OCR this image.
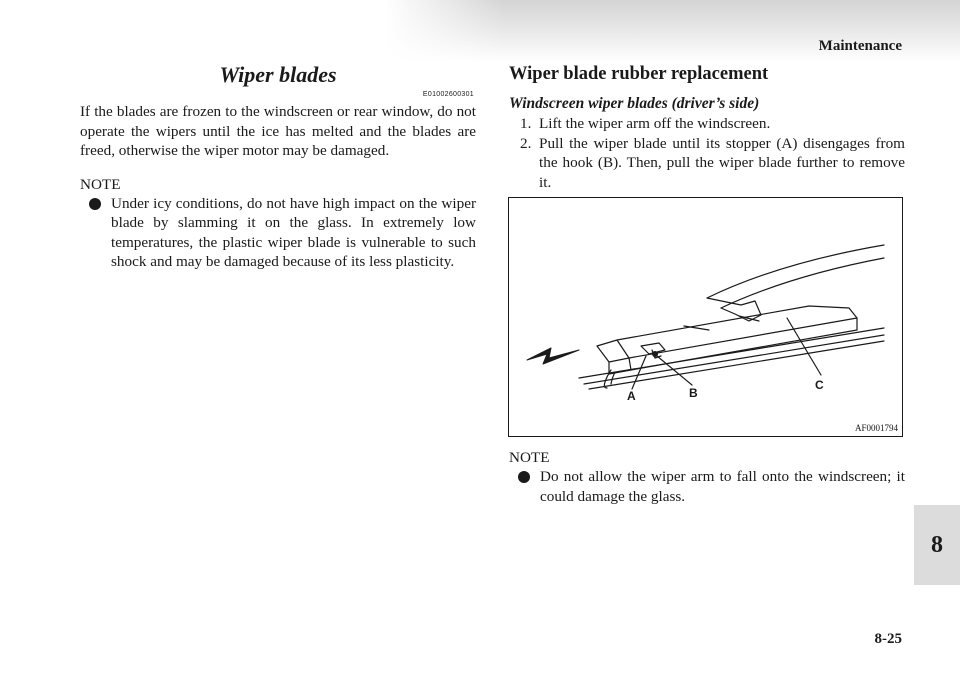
Maintenance
8
Wiper blades
E01002600301

If the blades are frozen to the windscreen or rear window, do not operate the wipers until the ice has melted and the blades are freed, otherwise the wiper motor may be damaged.

NOTE
Under icy conditions, do not have high impact on the wiper blade by slamming it on the glass. In extremely low temperatures, the plastic wiper blade is vulnerable to such shock and may be damaged because of its less plasticity.
Wiper blade rubber replacement
Windscreen wiper blades (driver’s side)
1. Lift the wiper arm off the windscreen.
2. Pull the wiper blade until its stopper (A) disengages from the hook (B). Then, pull the wiper blade further to remove it.
A	B
C
AF0001794
NOTE
Do not allow the wiper arm to fall onto the windscreen; it could damage the glass.
8-25
